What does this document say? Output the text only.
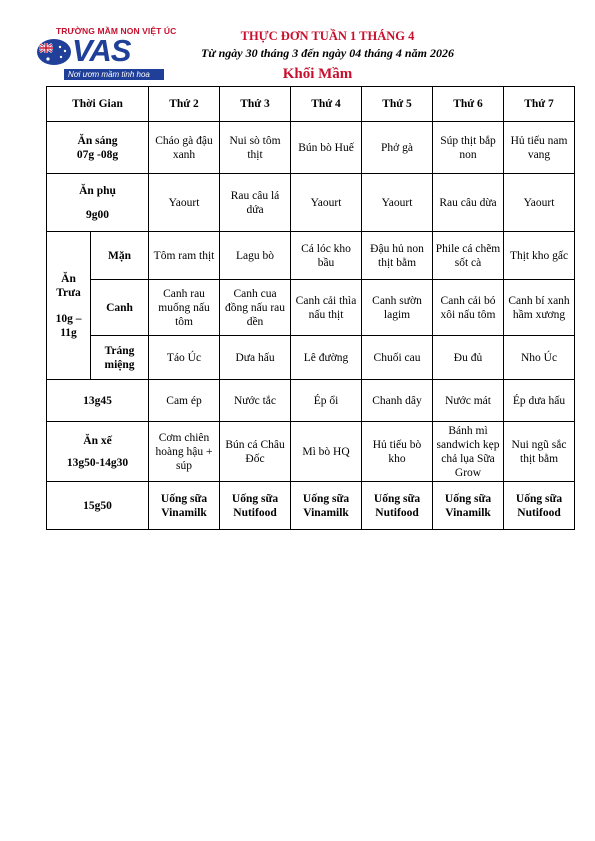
TRƯỜNG MẦM NON VIỆT ÚC
VAS
Nơi ươm mầm tinh hoa
THỰC ĐƠN TUẦN 1 THÁNG 4
Từ ngày 30 tháng 3 đến ngày 04 tháng 4 năm 2026
Khối Mầm
Thời Gian		Thứ 2	Thứ 3	Thứ 4	Thứ 5	Thứ 6	Thứ 7

Ăn sáng
07g -08g		Cháo gà đậu xanh	Nui sò tôm thịt	Bún bò Huế	Phở gà	Súp thịt bắp non	Hủ tiếu nam vang

Ăn phụ
9g00		Yaourt	Rau câu lá dứa	Yaourt	Yaourt	Rau câu dừa	Yaourt

Ăn Trưa
10g – 11g	Mặn	Tôm ram thịt	Lagu bò	Cá lóc kho bầu	Đậu hủ non thịt bằm	Phile cá chẽm sốt cà	Thịt kho gấc
	Canh	Canh rau muống nấu tôm	Canh cua đồng nấu rau dền	Canh cải thìa nấu thịt	Canh sườn lagim	Canh cải bó xôi nấu tôm	Canh bí xanh hầm xương
	Tráng miệng	Táo Úc	Dưa hấu	Lê đường	Chuối cau	Đu đủ	Nho Úc
13g45		Cam ép	Nước tắc	Ép ổi	Chanh dây	Nước mát	Ép dưa hấu

Ăn xế
13g50-14g30		Cơm chiên hoàng hậu + súp	Bún cá Châu Đốc	Mì bò HQ	Hủ tiếu bò kho	Bánh mì sandwich kẹp chả lụa Sữa Grow	Nui ngũ sắc thịt bằm
15g50		Uống sữa Vinamilk	Uống sữa Nutifood	Uống sữa Vinamilk	Uống sữa Nutifood	Uống sữa Vinamilk	Uống sữa Nutifood
